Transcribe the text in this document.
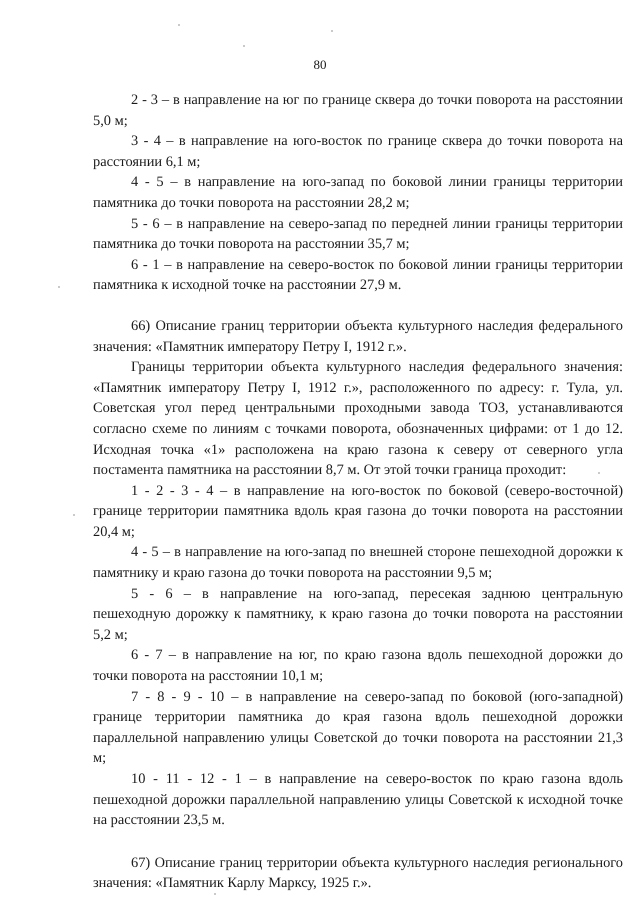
80

2 - 3 – в направление на юг по границе сквера до точки поворота на расстоянии 5,0 м;

3 - 4 – в направление на юго-восток по границе сквера до точки поворота на расстоянии 6,1 м;

4 - 5 – в направление на юго-запад по боковой линии границы территории памятника до точки поворота на расстоянии 28,2 м;

5 - 6 – в направление на северо-запад по передней линии границы территории памятника до точки поворота на расстоянии 35,7 м;

6 - 1 – в направление на северо-восток по боковой линии границы территории памятника к исходной точке на расстоянии 27,9 м.

66) Описание границ территории объекта культурного наследия федерального значения: «Памятник императору Петру I, 1912 г.».

Границы территории объекта культурного наследия федерального значения: «Памятник императору Петру I, 1912 г.», расположенного по адресу: г. Тула, ул. Советская угол перед центральными проходными завода ТОЗ, устанавливаются согласно схеме по линиям с точками поворота, обозначенных цифрами: от 1 до 12. Исходная точка «1» расположена на краю газона к северу от северного угла постамента памятника на расстоянии 8,7 м. От этой точки граница проходит:

1 - 2 - 3 - 4 – в направление на юго-восток по боковой (северо-восточной) границе территории памятника вдоль края газона до точки поворота на расстоянии 20,4 м;

4 - 5 – в направление на юго-запад по внешней стороне пешеходной дорожки к памятнику и краю газона до точки поворота на расстоянии 9,5 м;

5 - 6 – в направление на юго-запад, пересекая заднюю центральную пешеходную дорожку к памятнику, к краю газона до точки поворота на расстоянии 5,2 м;

6 - 7 – в направление на юг, по краю газона вдоль пешеходной дорожки до точки поворота на расстоянии 10,1 м;

7 - 8 - 9 - 10 – в направление на северо-запад по боковой (юго-западной) границе территории памятника до края газона вдоль пешеходной дорожки параллельной направлению улицы Советской до точки поворота на расстоянии 21,3 м;

10 - 11 - 12 - 1 – в направление на северо-восток по краю газона вдоль пешеходной дорожки параллельной направлению улицы Советской к исходной точке на расстоянии 23,5 м.

67) Описание границ территории объекта культурного наследия регионального значения: «Памятник Карлу Марксу, 1925 г.».
